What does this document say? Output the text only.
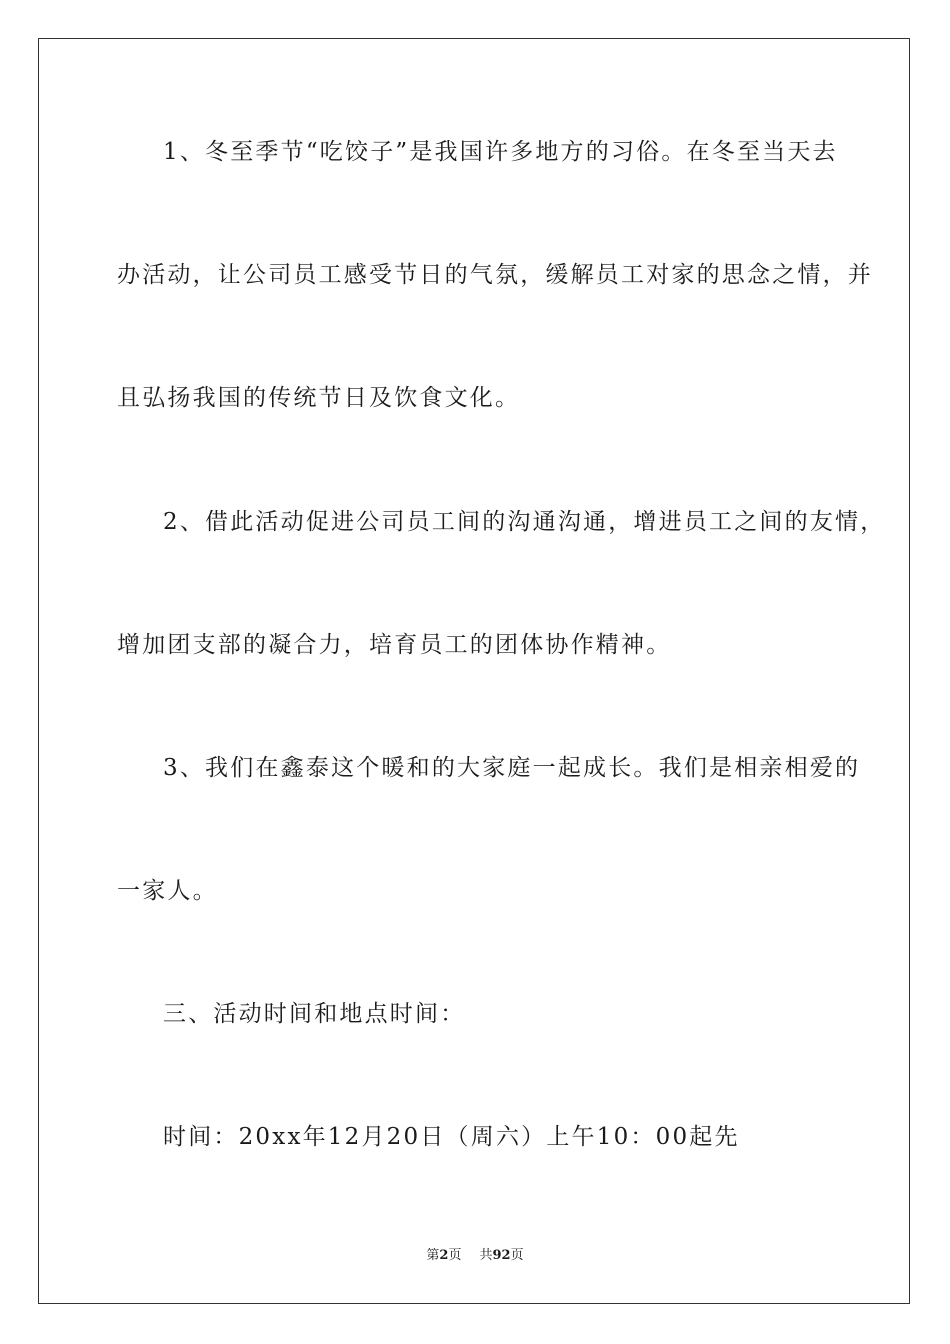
1、冬至季节“吃饺子”是我国许多地方的习俗。在冬至当天去
办活动，让公司员工感受节日的气氛，缓解员工对家的思念之情，并
且弘扬我国的传统节日及饮食文化。
2、借此活动促进公司员工间的沟通沟通，增进员工之间的友情，
增加团支部的凝合力，培育员工的团体协作精神。
3、我们在鑫泰这个暖和的大家庭一起成长。我们是相亲相爱的
一家人。
三、活动时间和地点时间：
时间：20xx年12月20日（周六）上午10：00起先
第2页 共92页
